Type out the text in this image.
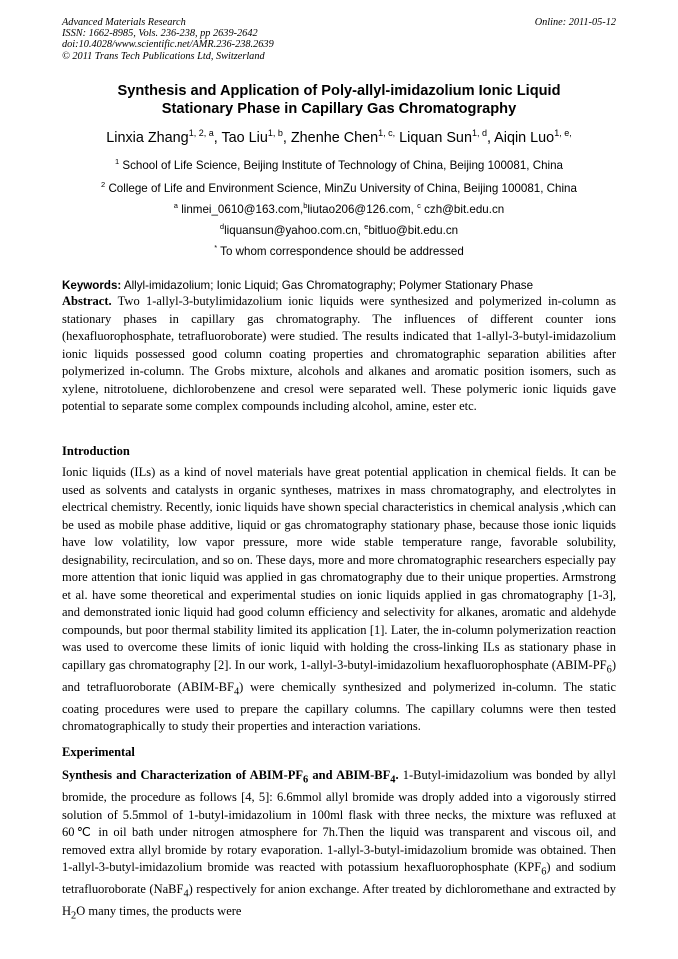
Advanced Materials Research
ISSN: 1662-8985, Vols. 236-238, pp 2639-2642
doi:10.4028/www.scientific.net/AMR.236-238.2639
© 2011 Trans Tech Publications Ltd, Switzerland
Online: 2011-05-12
Synthesis and Application of Poly-allyl-imidazolium Ionic Liquid
Stationary Phase in Capillary Gas Chromatography
Linxia Zhang$^{1, 2, a}$, Tao Liu$^{1, b}$, Zhenhe Chen$^{1, c,}$ Liquan Sun$^{1, d}$, Aiqin Luo$^{1, e,}$
$^1$ School of Life Science, Beijing Institute of Technology of China, Beijing 100081, China
$^2$ College of Life and Environment Science, MinZu University of China, Beijing 100081, China
$^a$ linmei_0610@163.com,$^b$liutao206@126.com, $^c$ czh@bit.edu.cn
$^d$liquansun@yahoo.com.cn, $^e$bitluo@bit.edu.cn
* To whom correspondence should be addressed
Keywords: Allyl-imidazolium; Ionic Liquid; Gas Chromatography; Polymer Stationary Phase

Abstract. Two 1-allyl-3-butylimidazolium ionic liquids were synthesized and polymerized in-column as stationary phases in capillary gas chromatography. The influences of different counter ions (hexafluorophosphate, tetrafluoroborate) were studied. The results indicated that 1-allyl-3-butyl-imidazolium ionic liquids possessed good column coating properties and chromatographic separation abilities after polymerized in-column. The Grobs mixture, alcohols and alkanes and aromatic position isomers, such as xylene, nitrotoluene, dichlorobenzene and cresol were separated well. These polymeric ionic liquids gave potential to separate some complex compounds including alcohol, amine, ester etc.

Introduction

Ionic liquids (ILs) as a kind of novel materials have great potential application in chemical fields. It can be used as solvents and catalysts in organic syntheses, matrixes in mass chromatography, and electrolytes in electrical chemistry. Recently, ionic liquids have shown special characteristics in chemical analysis ,which can be used as mobile phase additive, liquid or gas chromatography stationary phase, because those ionic liquids have low volatility, low vapor pressure, more wide stable temperature range, favorable solubility, designability, recirculation, and so on. These days, more and more chromatographic researchers especially pay more attention that ionic liquid was applied in gas chromatography due to their unique properties. Armstrong et al. have some theoretical and experimental studies on ionic liquids applied in gas chromatography [1-3], and demonstrated ionic liquid had good column efficiency and selectivity for alkanes, aromatic and aldehyde compounds, but poor thermal stability limited its application [1]. Later, the in-column polymerization reaction was used to overcome these limits of ionic liquid with holding the cross-linking ILs as stationary phase in capillary gas chromatography [2]. In our work, 1-allyl-3-butyl-imidazolium hexafluorophosphate $(ABIM-PF_6)$ and tetrafluoroborate $(ABIM-BF_4)$ were chemically synthesized and polymerized in-column. The static coating procedures were used to prepare the capillary columns. The capillary columns were then tested chromatographically to study their properties and interaction variations.

Experimental

Synthesis and Characterization of ABIM-$PF_6$ and ABIM-$BF_4$. 1-Butyl-imidazolium was bonded by allyl bromide, the procedure as follows [4, 5]: 6.6mmol allyl bromide was droply added into a vigorously stirred solution of 5.5mmol of 1-butyl-imidazolium in 100ml flask with three necks, the mixture was refluxed at 60℃ in oil bath under nitrogen atmosphere for 7h.Then the liquid was transparent and viscous oil, and removed extra allyl bromide by rotary evaporation. 1-allyl-3-butyl-imidazolium bromide was obtained. Then 1-allyl-3-butyl-imidazolium bromide was reacted with potassium hexafluorophosphate $(KPF_6)$ and sodium tetrafluoroborate (NaBF$_4$) respectively for anion exchange. After treated by dichloromethane and extracted by $H_2O$ many times, the products were
